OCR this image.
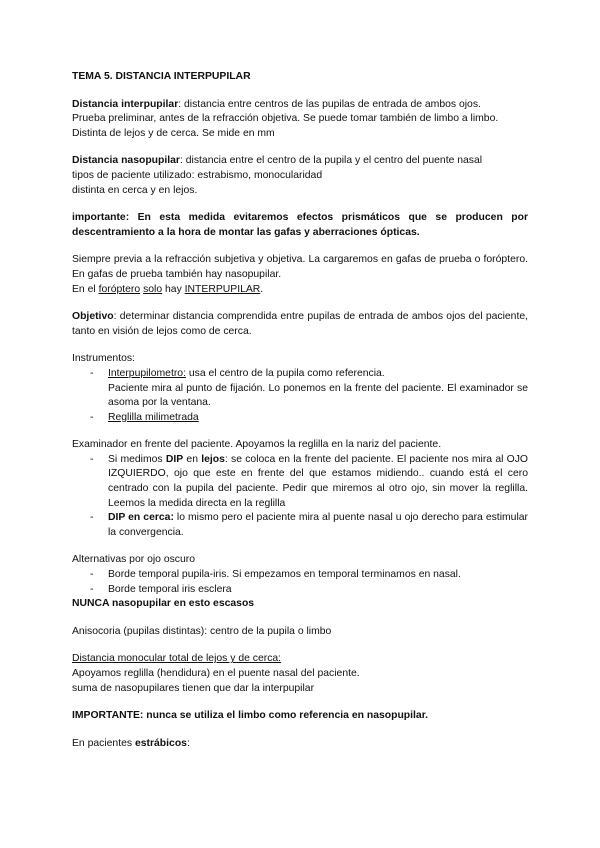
TEMA 5. DISTANCIA INTERPUPILAR

Distancia interpupilar: distancia entre centros de las pupilas de entrada de ambos ojos.

Prueba preliminar, antes de la refracción objetiva. Se puede tomar también de limbo a limbo.

Distinta de lejos y de cerca. Se mide en mm

Distancia nasopupilar: distancia entre el centro de la pupila y el centro del puente nasal

tipos de paciente utilizado: estrabismo, monocularidad

distinta en cerca y en lejos.

importante: En esta medida evitaremos efectos prismáticos que se producen por descentramiento a la hora de montar las gafas y aberraciones ópticas.

Siempre previa a la refracción subjetiva y objetiva. La cargaremos en gafas de prueba o foróptero. En gafas de prueba también hay nasopupilar.

En el foróptero solo hay INTERPUPILAR.

Objetivo: determinar distancia comprendida entre pupilas de entrada de ambos ojos del paciente, tanto en visión de lejos como de cerca.

Instrumentos:

- Interpupilometro: usa el centro de la pupila como referencia.
Paciente mira al punto de fijación. Lo ponemos en la frente del paciente. El examinador se asoma por la ventana.
- Reglilla milimetrada

Examinador en frente del paciente. Apoyamos la reglilla en la nariz del paciente.

- Si medimos DIP en lejos: se coloca en la frente del paciente. El paciente nos mira al OJO IZQUIERDO, ojo que este en frente del que estamos midiendo.. cuando está el cero centrado con la pupila del paciente. Pedir que miremos al otro ojo, sin mover la reglilla. Leemos la medida directa en la reglilla
- DIP en cerca: lo mismo pero el paciente mira al puente nasal u ojo derecho para estimular la convergencia.

Alternativas por ojo oscuro

- Borde temporal pupila-iris. Si empezamos en temporal terminamos en nasal.
- Borde temporal iris esclera

NUNCA nasopupilar en esto escasos

Anisocoria (pupilas distintas): centro de la pupila o limbo

Distancia monocular total de lejos y de cerca:

Apoyamos reglilla (hendidura) en el puente nasal del paciente.

suma de nasopupilares tienen que dar la interpupilar

IMPORTANTE: nunca se utiliza el limbo como referencia en nasopupilar.

En pacientes estrábicos:
